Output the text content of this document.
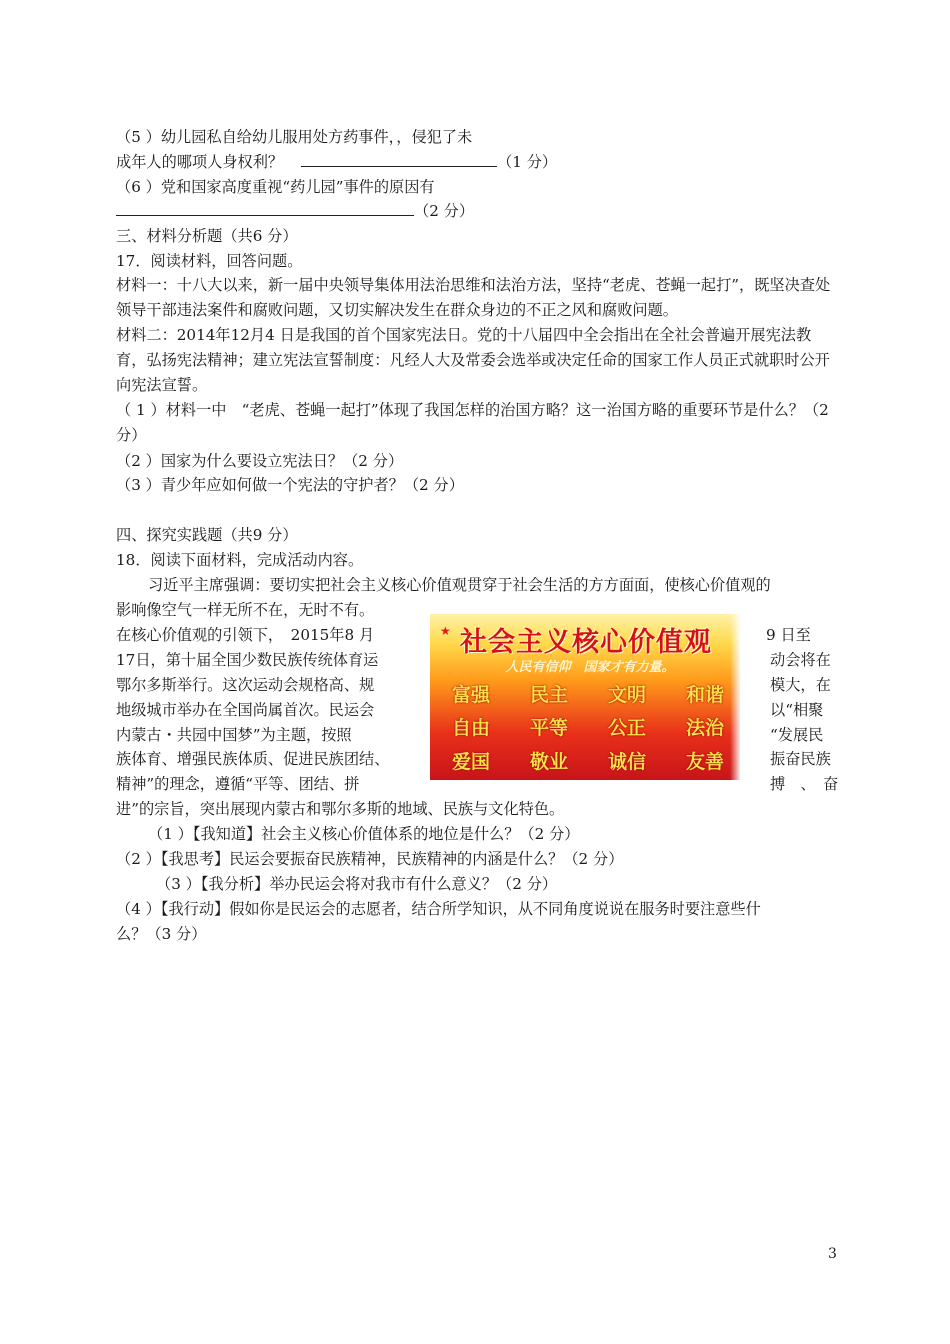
（5 ）幼儿园私自给幼儿服用处方药事件，，侵犯了未
成年人的哪项人身权利？	（1 分）
（6 ）党和国家高度重视“药儿园”事件的原因有
（2 分）
三、材料分析题（共6 分）
17．阅读材料，回答问题。
材料一：十八大以来，新一届中央领导集体用法治思维和法治方法，坚持“老虎、苍蝇一起打”，既坚决查处领导干部违法案件和腐败问题，又切实解决发生在群众身边的不正之风和腐败问题。
材料二：2014年12月4 日是我国的首个国家宪法日。党的十八届四中全会指出在全社会普遍开展宪法教育，弘扬宪法精神；建立宪法宣誓制度：凡经人大及常委会选举或决定任命的国家工作人员正式就职时公开向宪法宣誓。
（ 1 ）材料一中　“老虎、苍蝇一起打”体现了我国怎样的治国方略？这一治国方略的重要环节是什么？（2 分）
（2 ）国家为什么要设立宪法日？（2 分）
（3 ）青少年应如何做一个宪法的守护者？（2 分）
四、探究实践题（共9 分）
18．阅读下面材料，完成活动内容。
习近平主席强调：要切实把社会主义核心价值观贯穿于社会生活的方方面面，使核心价值观的
影响像空气一样无所不在，无时不有。
在核心价值观的引领下，　2015年8 月
17日，第十届全国少数民族传统体育运
鄂尔多斯举行。这次运动会规格高、规
地级城市举办在全国尚属首次。民运会
内蒙古・共园中国梦”为主题，按照
族体育、增强民族体质、促进民族团结、
精神”的理念，遵循“平等、团结、拼
9 日至
动会将在
模大，在
以“相聚
“发展民
振奋民族
搏　、　奋
★ 社会主义核心价值观
人民有信仰　国家才有力量。
富强 民主 文明 和谐
自由 平等 公正 法治
爱国 敬业 诚信 友善
进”的宗旨，突出展现内蒙古和鄂尔多斯的地域、民族与文化特色。
（1 ）【我知道】社会主义核心价值体系的地位是什么？（2 分）
（2 ）【我思考】民运会要振奋民族精神，民族精神的内涵是什么？（2 分）
（3 ）【我分析】举办民运会将对我市有什么意义？（2 分）
（4 ）【我行动】假如你是民运会的志愿者，结合所学知识，从不同角度说说在服务时要注意些什
么？（3 分）
3
